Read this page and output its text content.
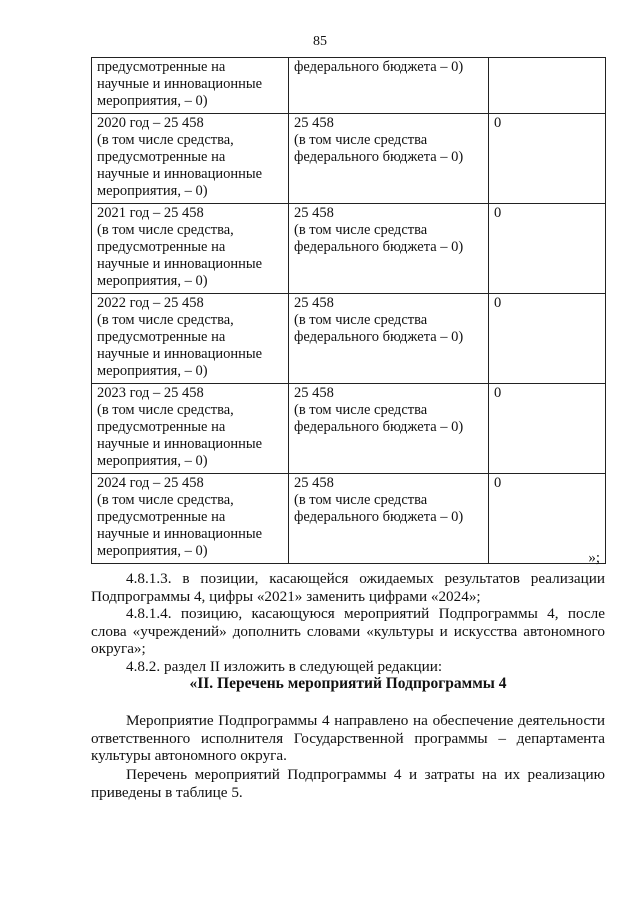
85
предусмотренные на
научные и инновационные
мероприятия, – 0)	федерального бюджета – 0)	
2020 год – 25 458
(в том числе средства,
предусмотренные на
научные и инновационные
мероприятия, – 0)	25 458
(в том числе средства
федерального бюджета – 0)	0
2021 год – 25 458
(в том числе средства,
предусмотренные на
научные и инновационные
мероприятия, – 0)	25 458
(в том числе средства
федерального бюджета – 0)	0
2022 год – 25 458
(в том числе средства,
предусмотренные на
научные и инновационные
мероприятия, – 0)	25 458
(в том числе средства
федерального бюджета – 0)	0
2023 год – 25 458
(в том числе средства,
предусмотренные на
научные и инновационные
мероприятия, – 0)	25 458
(в том числе средства
федерального бюджета – 0)	0
2024 год – 25 458
(в том числе средства,
предусмотренные на
научные и инновационные
мероприятия, – 0)	25 458
(в том числе средства
федерального бюджета – 0)	0
»;
4.8.1.3. в позиции, касающейся ожидаемых результатов реализации Подпрограммы 4, цифры «2021» заменить цифрами «2024»;
4.8.1.4. позицию, касающуюся мероприятий Подпрограммы 4, после слова «учреждений» дополнить словами «культуры и искусства автономного округа»;
4.8.2. раздел II изложить в следующей редакции:
«II. Перечень мероприятий Подпрограммы 4
Мероприятие Подпрограммы 4 направлено на обеспечение деятельности ответственного исполнителя Государственной программы – департамента культуры автономного округа.
Перечень мероприятий Подпрограммы 4 и затраты на их реализацию приведены в таблице 5.
